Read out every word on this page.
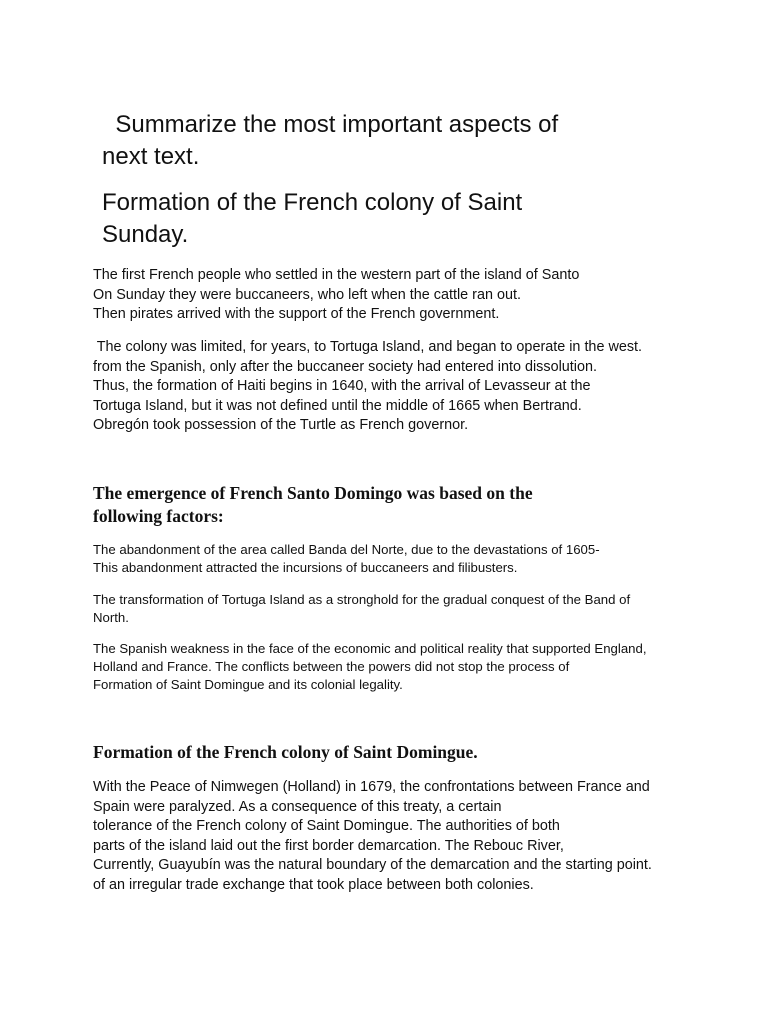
Summarize the most important aspects of
next text.
Formation of the French colony of Saint
Sunday.
The first French people who settled in the western part of the island of Santo
On Sunday they were buccaneers, who left when the cattle ran out.
Then pirates arrived with the support of the French government.
The colony was limited, for years, to Tortuga Island, and began to operate in the west.
from the Spanish, only after the buccaneer society had entered into dissolution.
Thus, the formation of Haiti begins in 1640, with the arrival of Levasseur at the
Tortuga Island, but it was not defined until the middle of 1665 when Bertrand.
Obregón took possession of the Turtle as French governor.
The emergence of French Santo Domingo was based on the
following factors:
The abandonment of the area called Banda del Norte, due to the devastations of 1605-
This abandonment attracted the incursions of buccaneers and filibusters.
The transformation of Tortuga Island as a stronghold for the gradual conquest of the Band of
North.
The Spanish weakness in the face of the economic and political reality that supported England,
Holland and France. The conflicts between the powers did not stop the process of
Formation of Saint Domingue and its colonial legality.
Formation of the French colony of Saint Domingue.
With the Peace of Nimwegen (Holland) in 1679, the confrontations between France and
Spain were paralyzed. As a consequence of this treaty, a certain
tolerance of the French colony of Saint Domingue. The authorities of both
parts of the island laid out the first border demarcation. The Rebouc River,
Currently, Guayubín was the natural boundary of the demarcation and the starting point.
of an irregular trade exchange that took place between both colonies.
